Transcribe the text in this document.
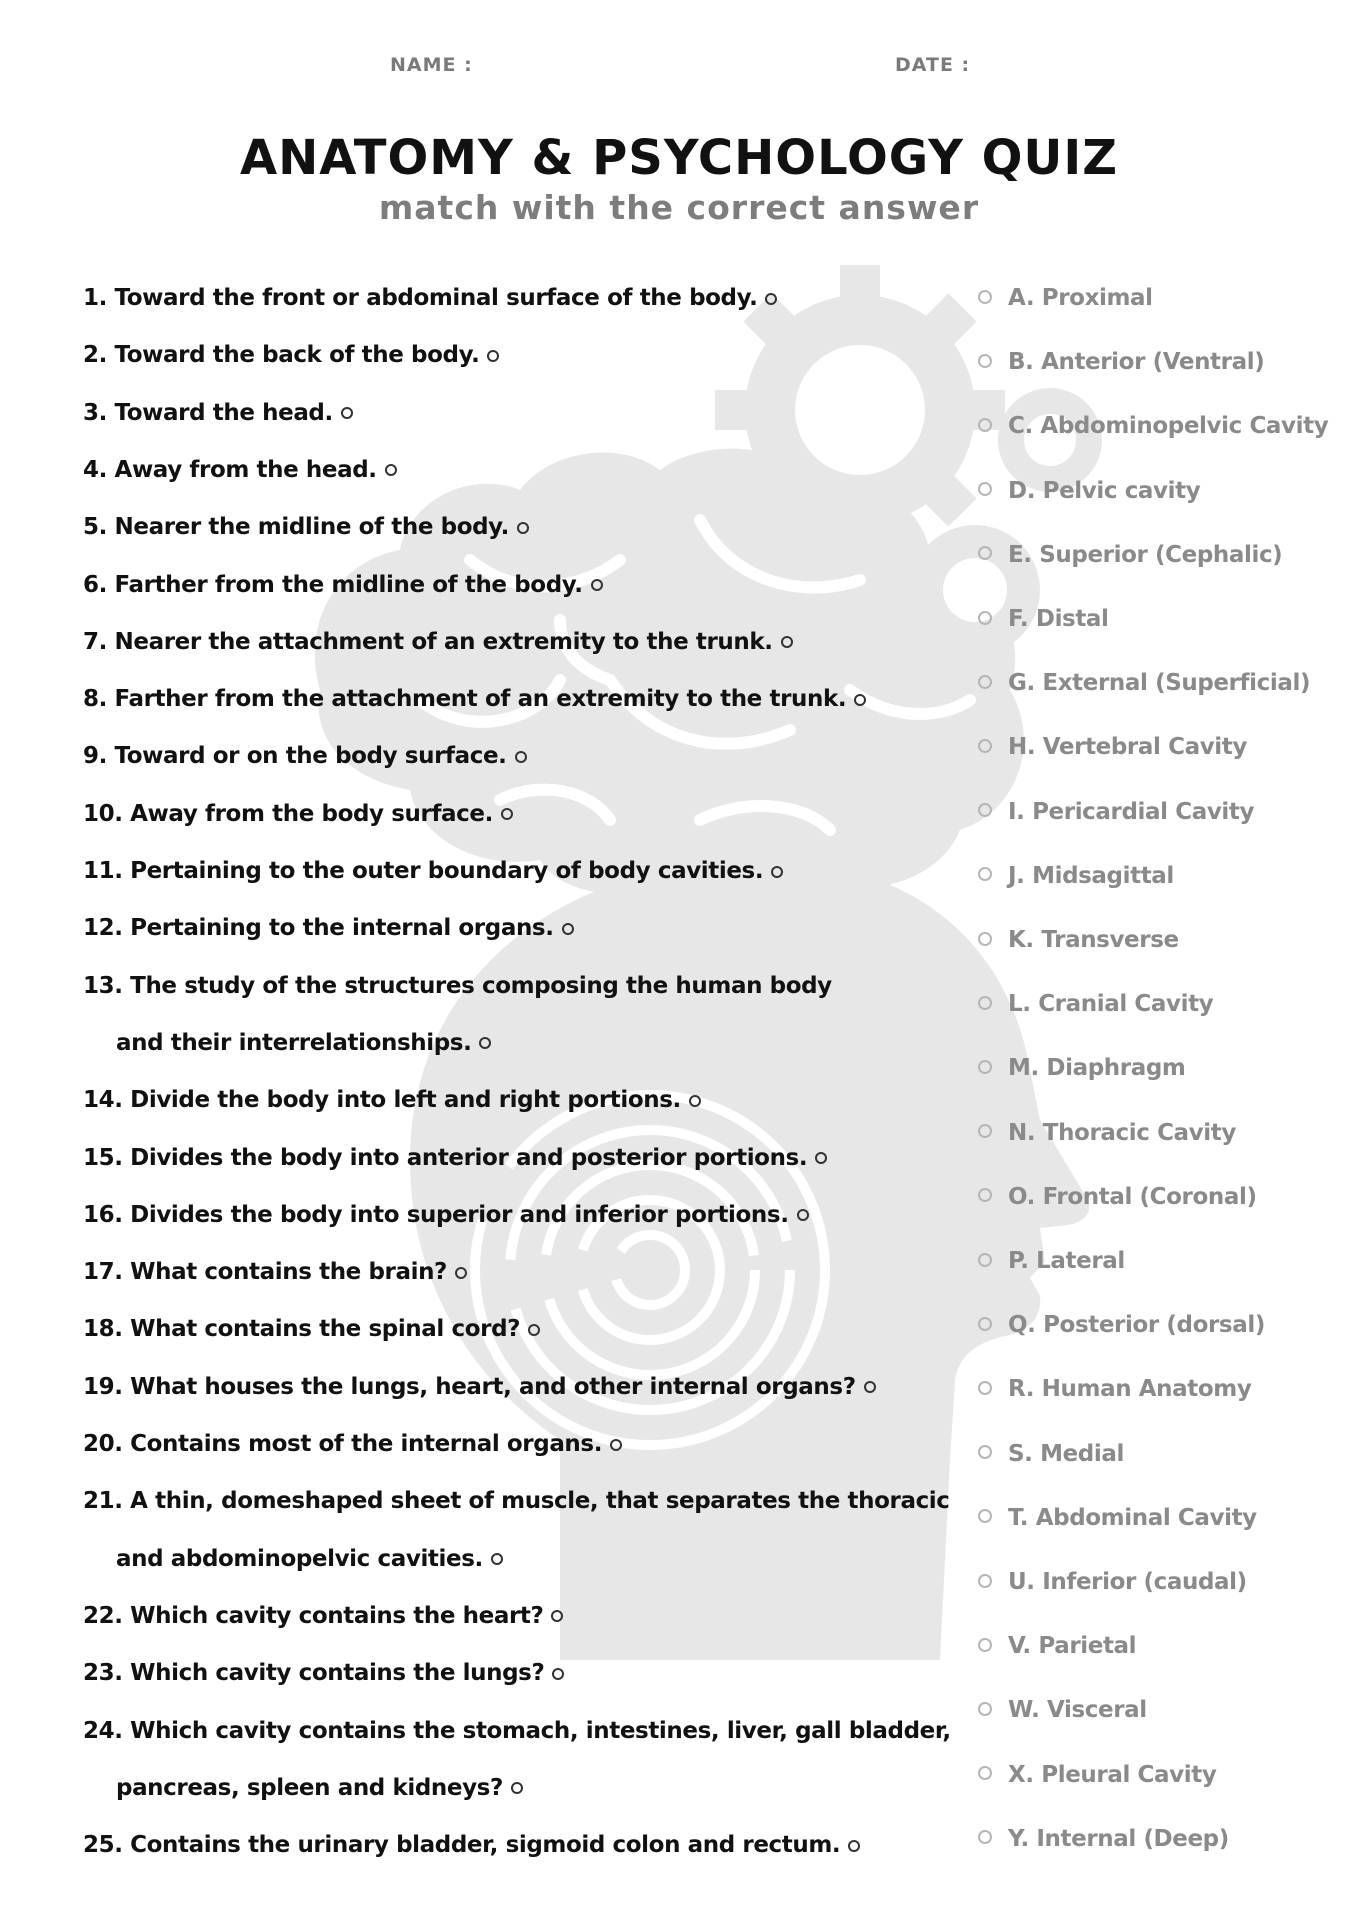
NAME :	DATE :
ANATOMY & PSYCHOLOGY QUIZ
match with the correct answer
1. Toward the front or abdominal surface of the body.
2. Toward the back of the body.
3. Toward the head.
4. Away from the head.
5. Nearer the midline of the body.
6. Farther from the midline of the body.
7. Nearer the attachment of an extremity to the trunk.
8. Farther from the attachment of an extremity to the trunk.
9. Toward or on the body surface.
10. Away from the body surface.
11. Pertaining to the outer boundary of body cavities.
12. Pertaining to the internal organs.
13. The study of the structures composing the human body
and their interrelationships.
14. Divide the body into left and right portions.
15. Divides the body into anterior and posterior portions.
16. Divides the body into superior and inferior portions.
17. What contains the brain?
18. What contains the spinal cord?
19. What houses the lungs, heart, and other internal organs?
20. Contains most of the internal organs.
21. A thin, domeshaped sheet of muscle, that separates the thoracic
and abdominopelvic cavities.
22. Which cavity contains the heart?
23. Which cavity contains the lungs?
24. Which cavity contains the stomach, intestines, liver, gall bladder,
pancreas, spleen and kidneys?
25. Contains the urinary bladder, sigmoid colon and rectum.
A. Proximal
B. Anterior (Ventral)
C. Abdominopelvic Cavity
D. Pelvic cavity
E. Superior (Cephalic)
F. Distal
G. External (Superficial)
H. Vertebral Cavity
I. Pericardial Cavity
J. Midsagittal
K. Transverse
L. Cranial Cavity
M. Diaphragm
N. Thoracic Cavity
O. Frontal (Coronal)
P. Lateral
Q. Posterior (dorsal)
R. Human Anatomy
S. Medial
T. Abdominal Cavity
U. Inferior (caudal)
V. Parietal
W. Visceral
X. Pleural Cavity
Y. Internal (Deep)
